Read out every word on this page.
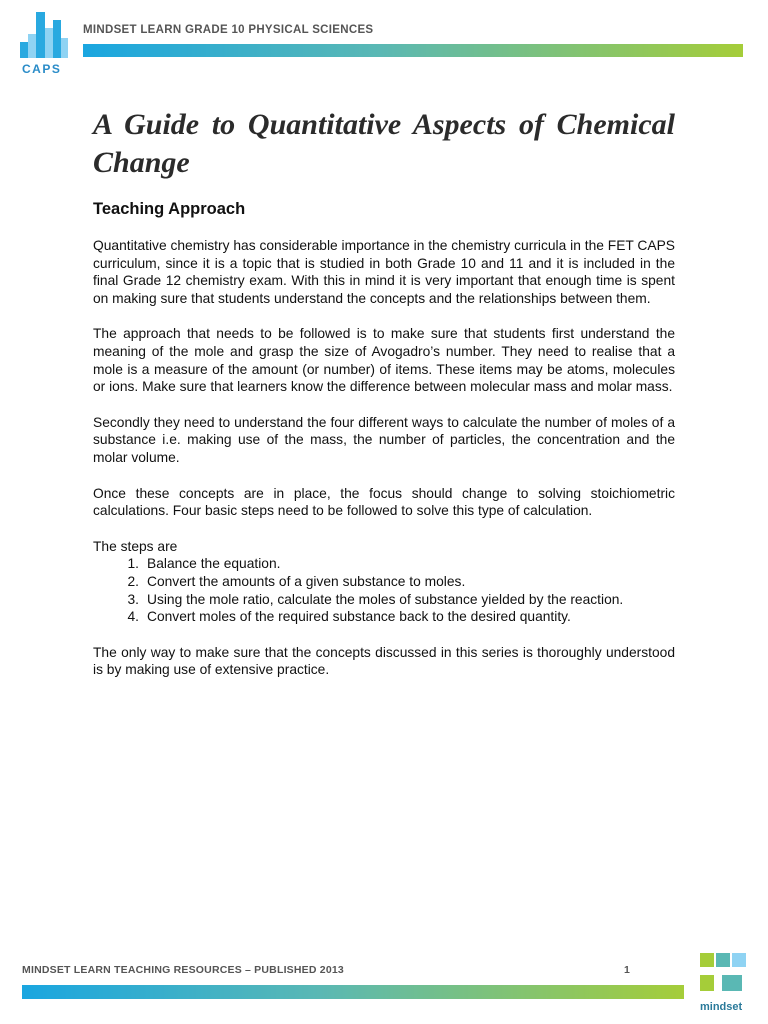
CAPS
MINDSET LEARN GRADE 10 PHYSICAL SCIENCES
A Guide to Quantitative Aspects of Chemical Change
Teaching Approach

Quantitative chemistry has considerable importance in the chemistry curricula in the FET CAPS curriculum, since it is a topic that is studied in both Grade 10 and 11 and it is included in the final Grade 12 chemistry exam. With this in mind it is very important that enough time is spent on making sure that students understand the concepts and the relationships between them.

The approach that needs to be followed is to make sure that students first understand the meaning of the mole and grasp the size of Avogadro’s number. They need to realise that a mole is a measure of the amount (or number) of items. These items may be atoms, molecules or ions. Make sure that learners know the difference between molecular mass and molar mass.

Secondly they need to understand the four different ways to calculate the number of moles of a substance i.e. making use of the mass, the number of particles, the concentration and the molar volume.

Once these concepts are in place, the focus should change to solving stoichiometric calculations. Four basic steps need to be followed to solve this type of calculation.

The steps are

1. Balance the equation.
2. Convert the amounts of a given substance to moles.
3. Using the mole ratio, calculate the moles of substance yielded by the reaction.
4. Convert moles of the required substance back to the desired quantity.

The only way to make sure that the concepts discussed in this series is thoroughly understood is by making use of extensive practice.

MINDSET LEARN TEACHING RESOURCES – PUBLISHED 2013	1
mindset
